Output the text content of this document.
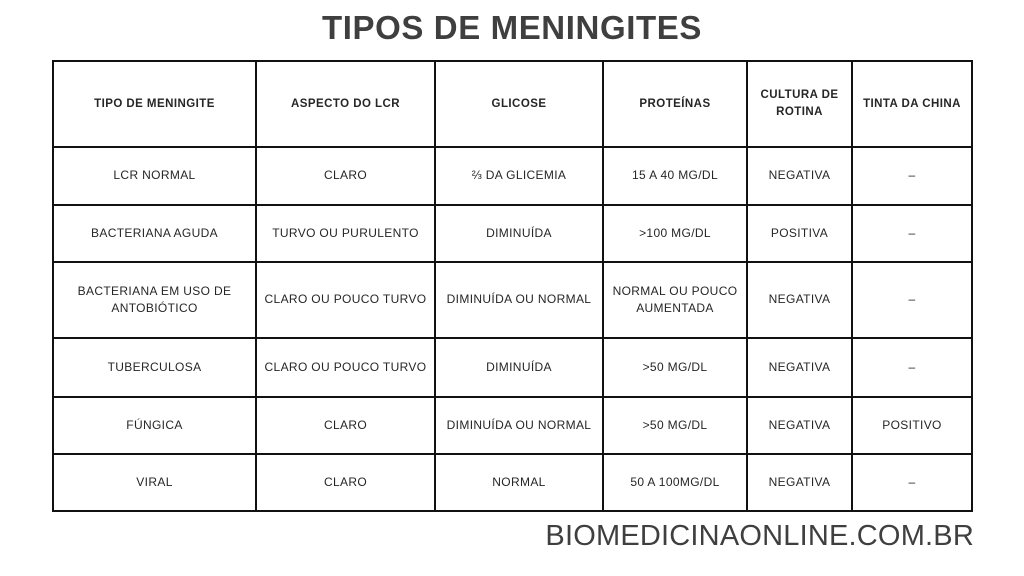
TIPOS DE MENINGITES
TIPO DE MENINGITE	ASPECTO DO LCR	GLICOSE	PROTEÍNAS	CULTURA DE ROTINA	TINTA DA CHINA
LCR NORMAL	CLARO	⅔ DA GLICEMIA	15 A 40 MG/DL	NEGATIVA	–
BACTERIANA AGUDA	TURVO OU PURULENTO	DIMINUÍDA	>100 MG/DL	POSITIVA	–
BACTERIANA EM USO DE ANTOBIÓTICO	CLARO OU POUCO TURVO	DIMINUÍDA OU NORMAL	NORMAL OU POUCO AUMENTADA	NEGATIVA	–
TUBERCULOSA	CLARO OU POUCO TURVO	DIMINUÍDA	>50 MG/DL	NEGATIVA	–
FÚNGICA	CLARO	DIMINUÍDA OU NORMAL	>50 MG/DL	NEGATIVA	POSITIVO
VIRAL	CLARO	NORMAL	50 A 100MG/DL	NEGATIVA	–
BIOMEDICINAONLINE.COM.BR
